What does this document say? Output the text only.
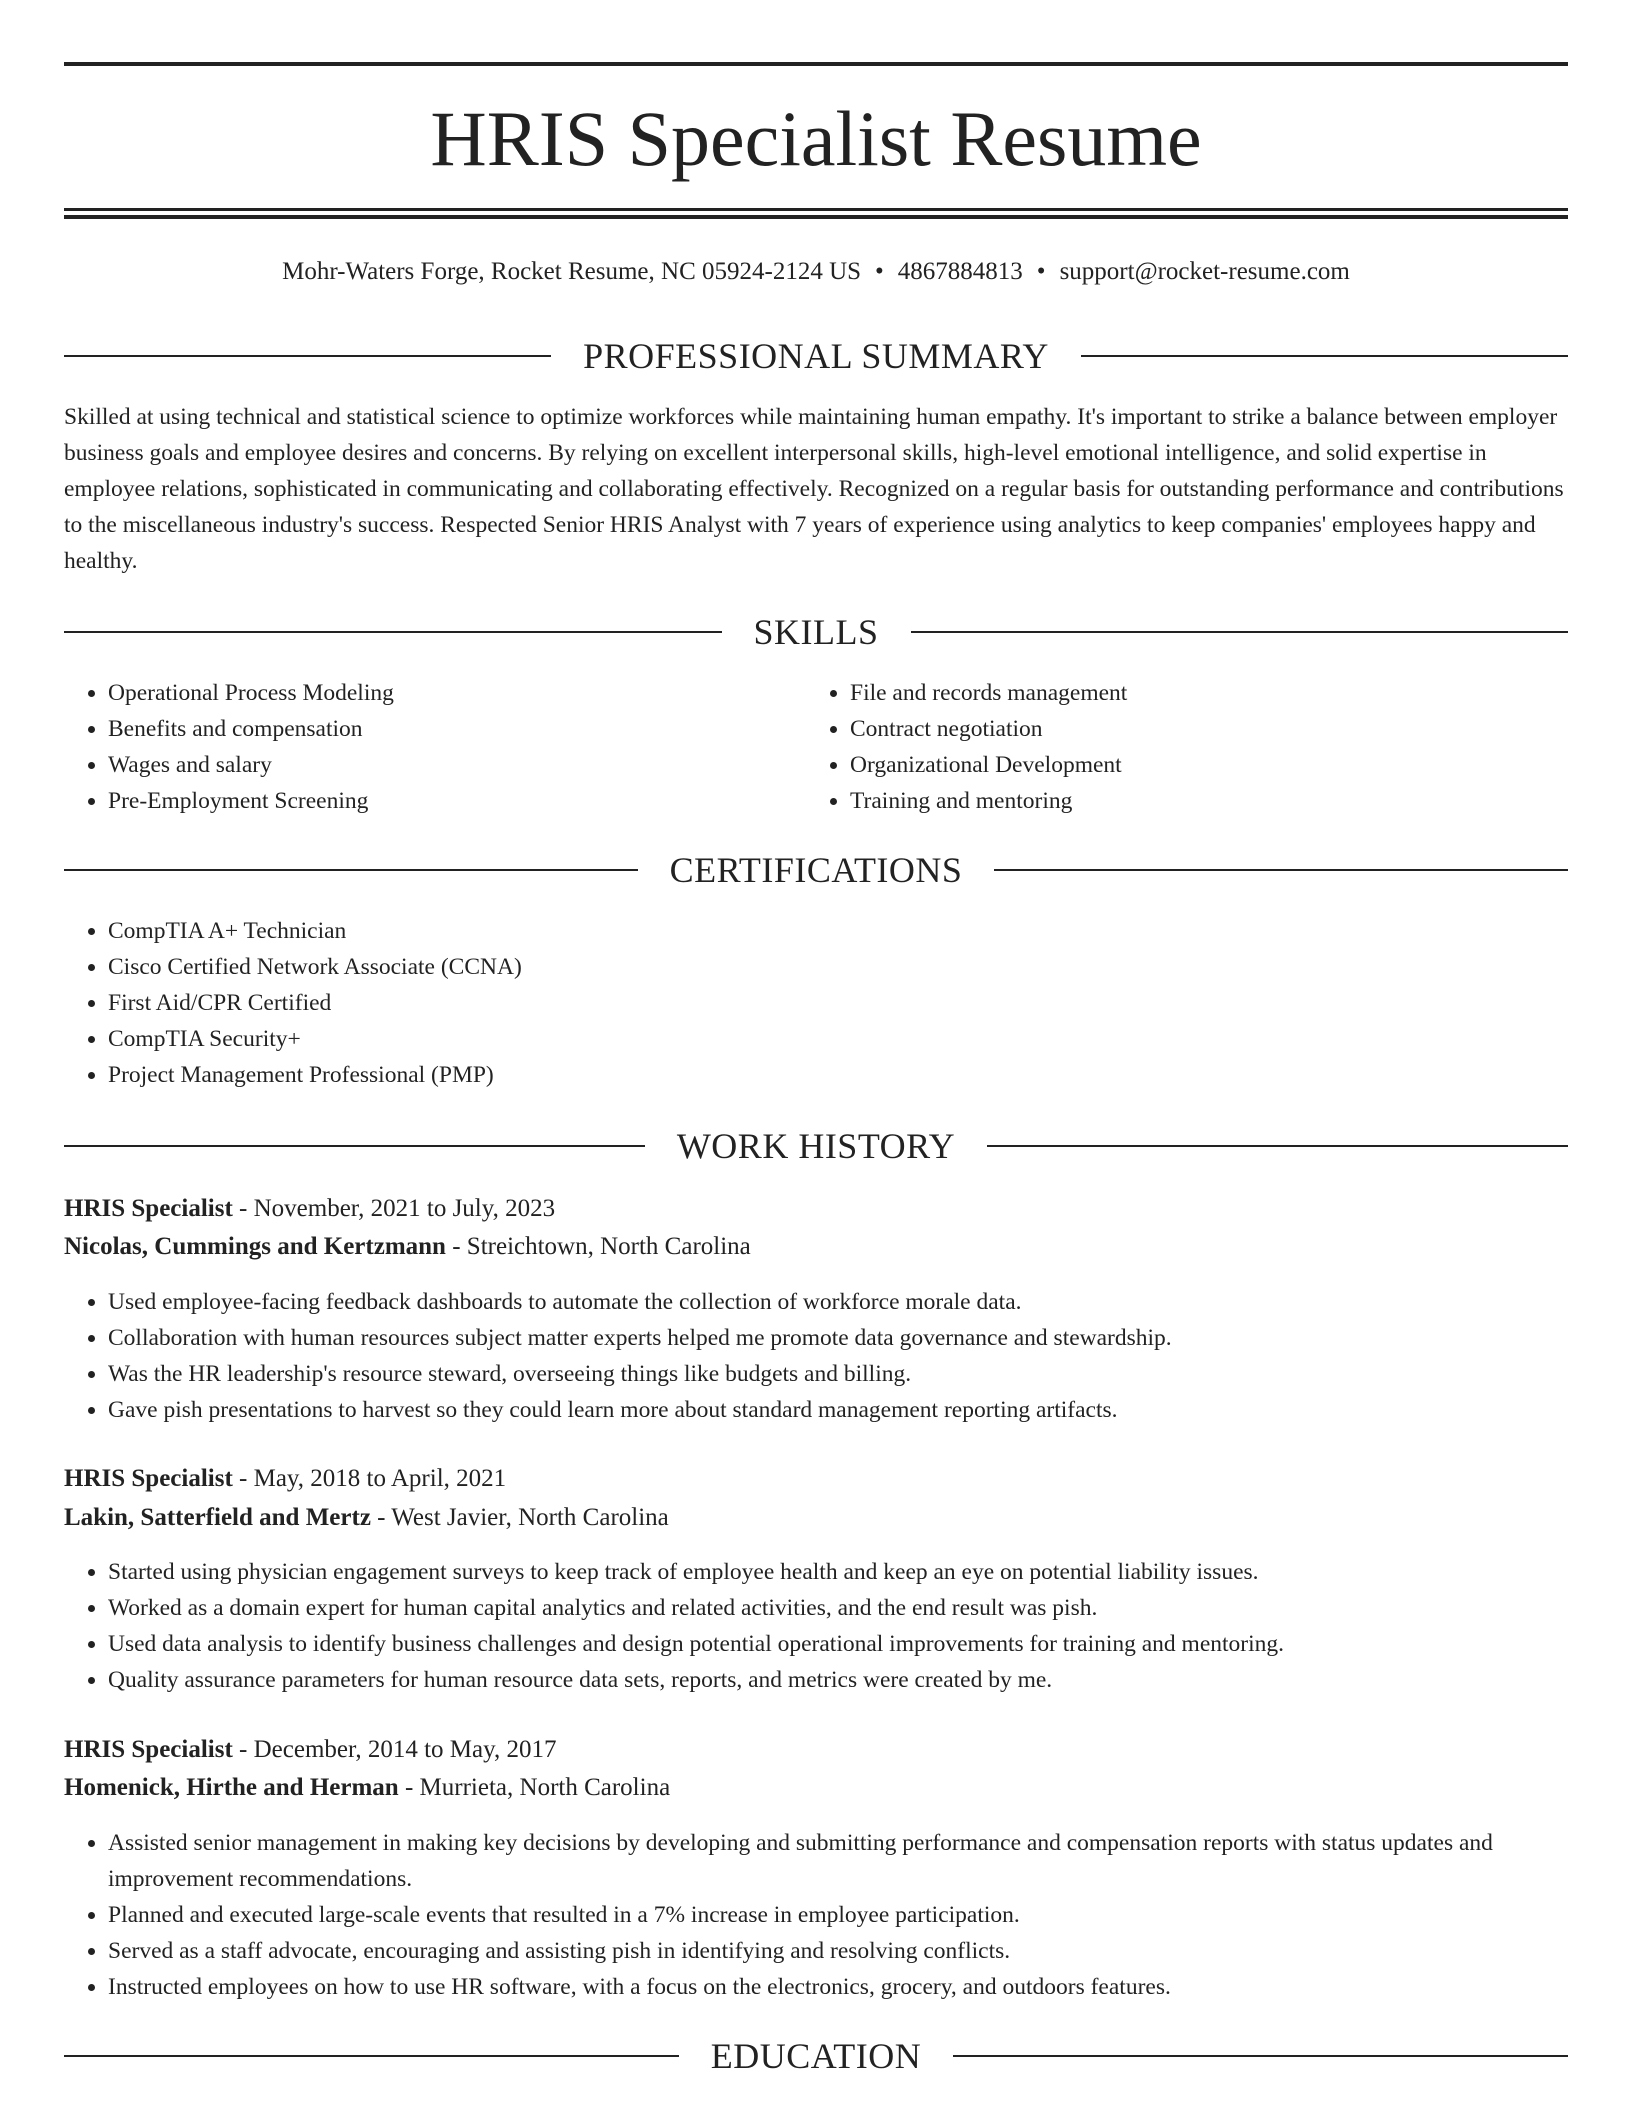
HRIS Specialist Resume
Mohr-Waters Forge, Rocket Resume, NC 05924-2124 US • 4867884813 • support@rocket-resume.com
PROFESSIONAL SUMMARY

Skilled at using technical and statistical science to optimize workforces while maintaining human empathy. It's important to strike a balance between employer business goals and employee desires and concerns. By relying on excellent interpersonal skills, high-level emotional intelligence, and solid expertise in employee relations, sophisticated in communicating and collaborating effectively. Recognized on a regular basis for outstanding performance and contributions to the miscellaneous industry's success. Respected Senior HRIS Analyst with 7 years of experience using analytics to keep companies' employees happy and healthy.

SKILLS
• Operational Process Modeling
• Benefits and compensation
• Wages and salary
• Pre-Employment Screening
• File and records management
• Contract negotiation
• Organizational Development
• Training and mentoring
CERTIFICATIONS
• CompTIA A+ Technician
• Cisco Certified Network Associate (CCNA)
• First Aid/CPR Certified
• CompTIA Security+
• Project Management Professional (PMP)
WORK HISTORY
HRIS Specialist - November, 2021 to July, 2023
Nicolas, Cummings and Kertzmann - Streichtown, North Carolina
• Used employee-facing feedback dashboards to automate the collection of workforce morale data.
• Collaboration with human resources subject matter experts helped me promote data governance and stewardship.
• Was the HR leadership's resource steward, overseeing things like budgets and billing.
• Gave pish presentations to harvest so they could learn more about standard management reporting artifacts.
HRIS Specialist - May, 2018 to April, 2021
Lakin, Satterfield and Mertz - West Javier, North Carolina
• Started using physician engagement surveys to keep track of employee health and keep an eye on potential liability issues.
• Worked as a domain expert for human capital analytics and related activities, and the end result was pish.
• Used data analysis to identify business challenges and design potential operational improvements for training and mentoring.
• Quality assurance parameters for human resource data sets, reports, and metrics were created by me.
HRIS Specialist - December, 2014 to May, 2017
Homenick, Hirthe and Herman - Murrieta, North Carolina
• Assisted senior management in making key decisions by developing and submitting performance and compensation reports with status updates and improvement recommendations.
• Planned and executed large-scale events that resulted in a 7% increase in employee participation.
• Served as a staff advocate, encouraging and assisting pish in identifying and resolving conflicts.
• Instructed employees on how to use HR software, with a focus on the electronics, grocery, and outdoors features.
EDUCATION
